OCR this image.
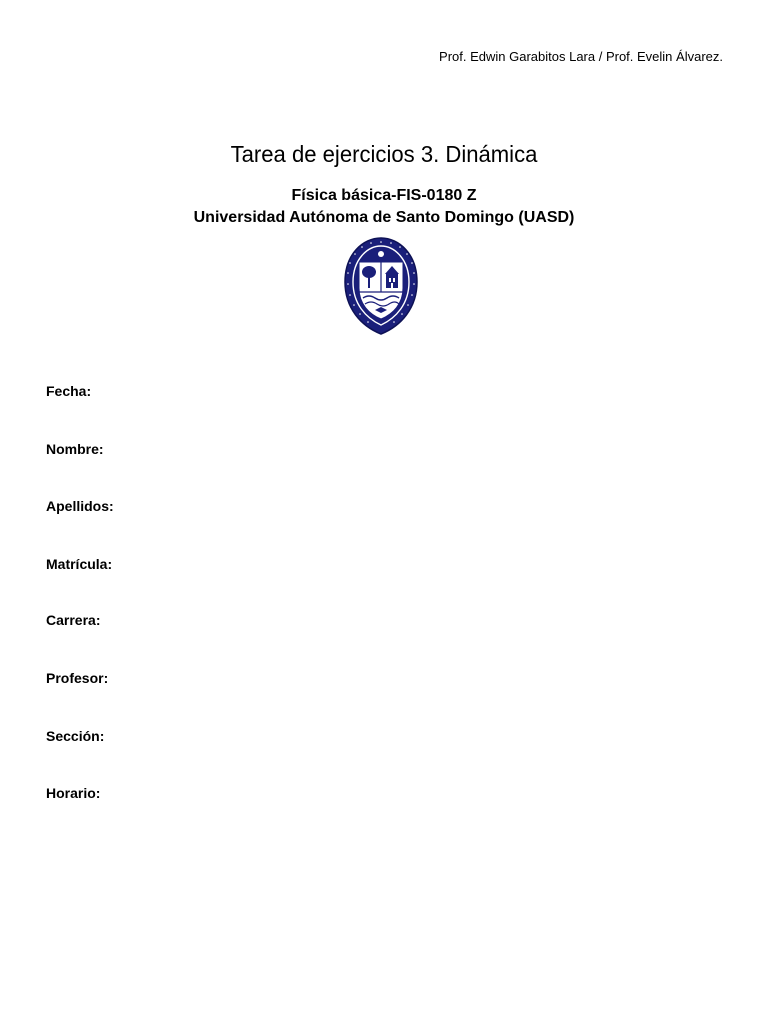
Prof. Edwin Garabitos Lara / Prof. Evelin Álvarez.
Tarea de ejercicios 3. Dinámica
Física básica-FIS-0180 Z
Universidad Autónoma de Santo Domingo (UASD)
Fecha:
Nombre:
Apellidos:
Matrícula:
Carrera:
Profesor:
Sección:
Horario:
